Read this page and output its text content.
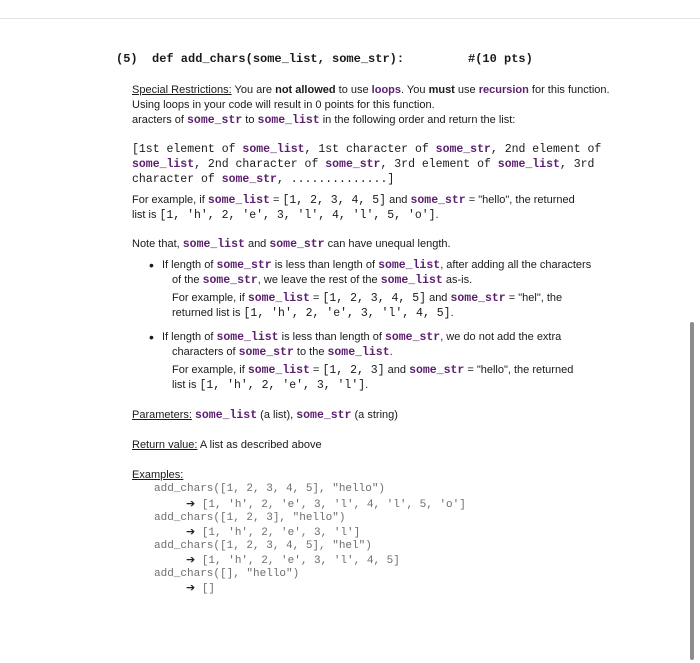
(5) def add_chars(some_list, some_str):	#(10 pts)
Special Restrictions: You are not allowed to use loops. You must use recursion for this function.
Using loops in your code will result in 0 points for this function.
aracters of some_str to some_list in the following order and return the list:
[1st element of some_list, 1st character of some_str, 2nd element of
some_list, 2nd character of some_str, 3rd element of some_list, 3rd
character of some_str, ..............]
For example, if some_list = [1, 2, 3, 4, 5] and some_str = "hello", the returned
list is [1, 'h', 2, 'e', 3, 'l', 4, 'l', 5, 'o'].
Note that, some_list and some_str can have unequal length.
• If length of some_str is less than length of some_list, after adding all the characters
of the some_str, we leave the rest of the some_list as-is.
For example, if some_list = [1, 2, 3, 4, 5] and some_str = "hel", the
returned list is [1, 'h', 2, 'e', 3, 'l', 4, 5].
• If length of some_list is less than length of some_str, we do not add the extra
characters of some_str to the some_list.
For example, if some_list = [1, 2, 3] and some_str = "hello", the returned
list is [1, 'h', 2, 'e', 3, 'l'].
Parameters: some_list (a list), some_str (a string)
Return value: A list as described above
Examples:
add_chars([1, 2, 3, 4, 5], "hello")
➔ [1, 'h', 2, 'e', 3, 'l', 4, 'l', 5, 'o']
add_chars([1, 2, 3], "hello")
➔ [1, 'h', 2, 'e', 3, 'l']
add_chars([1, 2, 3, 4, 5], "hel")
➔ [1, 'h', 2, 'e', 3, 'l', 4, 5]
add_chars([], "hello")
➔ []
